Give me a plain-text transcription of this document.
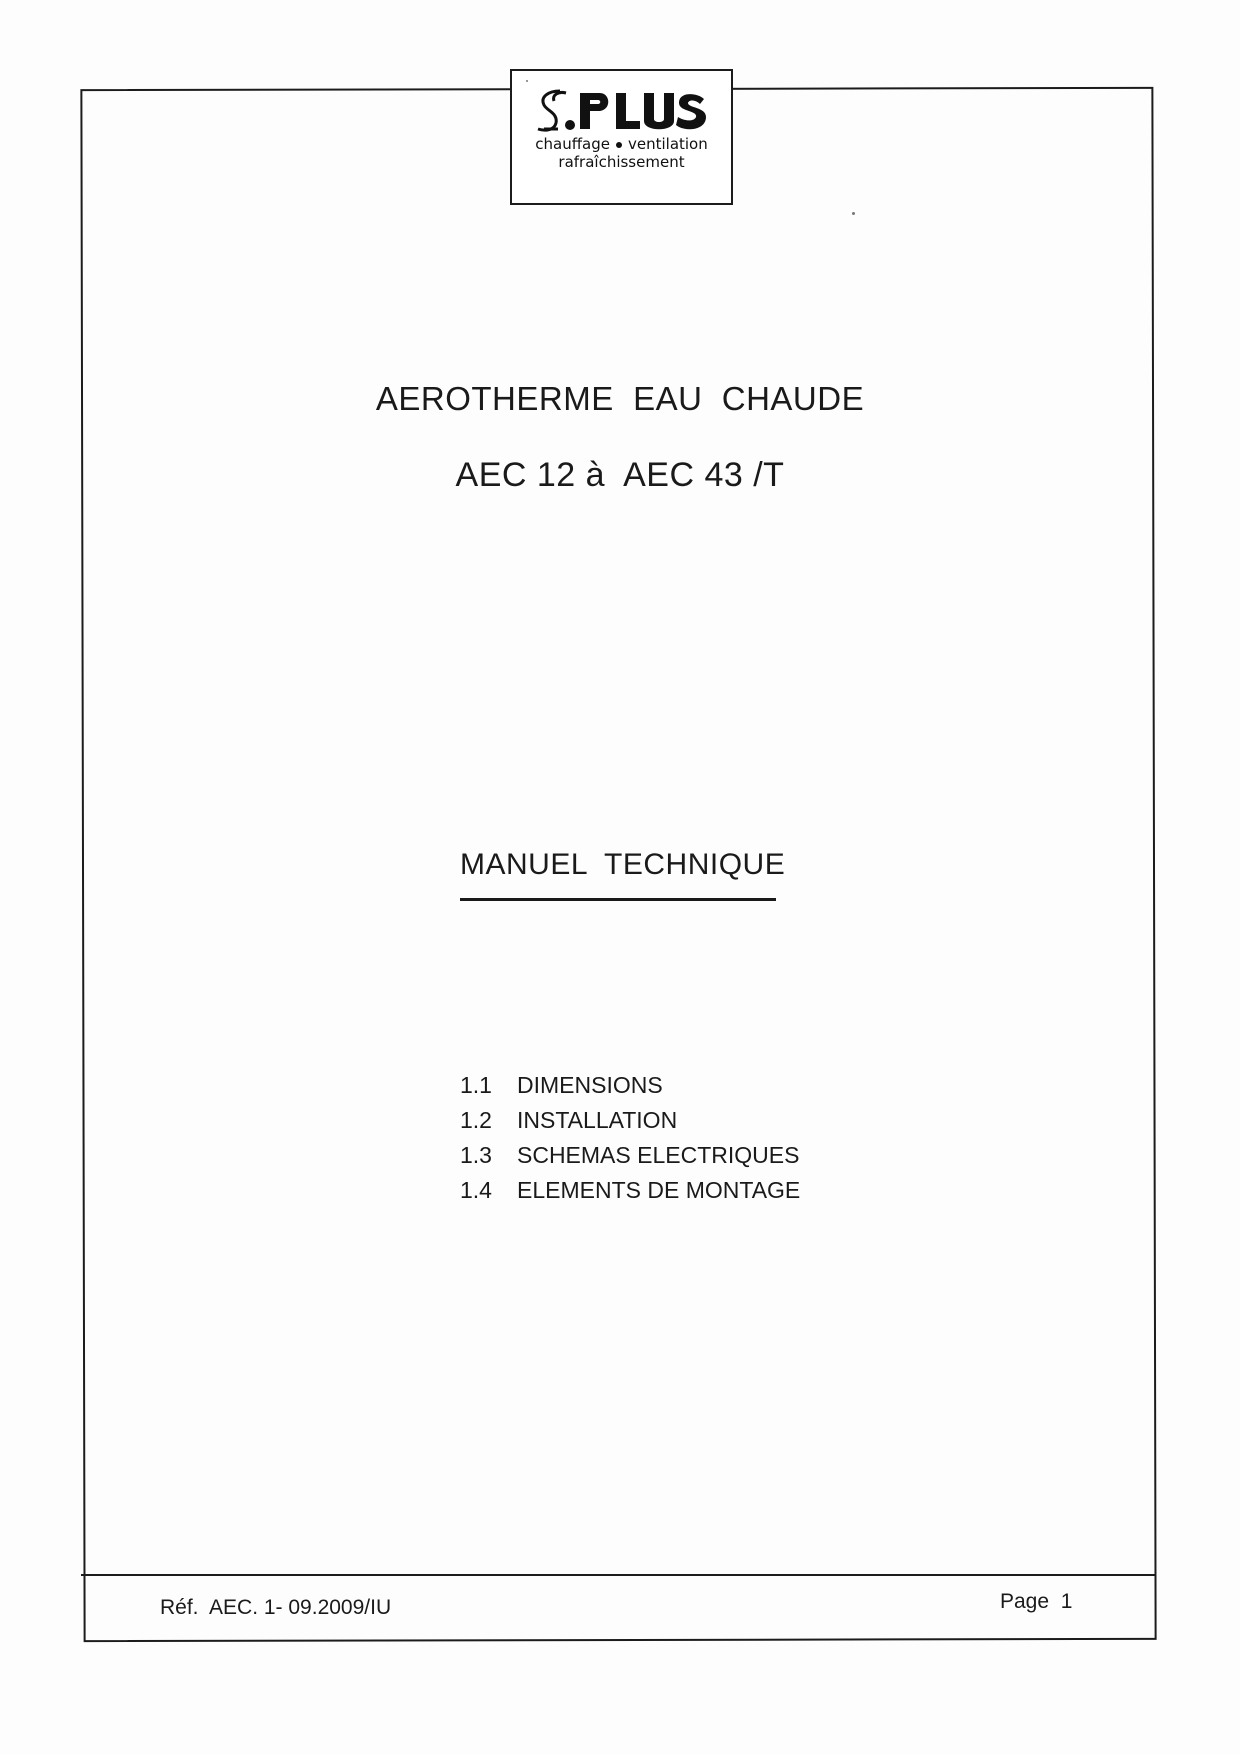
chauffage ventilation
rafraîchissement
AEROTHERME  EAU  CHAUDE
AEC 12 à  AEC 43 /T
MANUEL  TECHNIQUE
1.1	DIMENSIONS
1.2	INSTALLATION
1.3	SCHEMAS ELECTRIQUES
1.4	ELEMENTS DE MONTAGE
Réf.  AEC. 1- 09.2009/IU	Page  1
